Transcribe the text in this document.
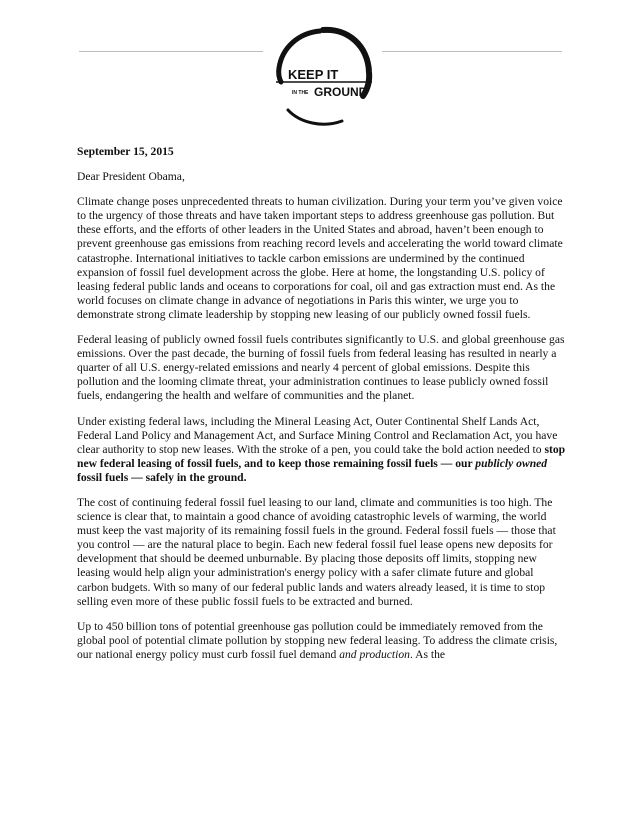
KEEP IT
IN THE GROUND

September 15, 2015

Dear President Obama,

Climate change poses unprecedented threats to human civilization. During your term you’ve given voice to the urgency of those threats and have taken important steps to address greenhouse gas pollution. But these efforts, and the efforts of other leaders in the United States and abroad, haven’t been enough to prevent greenhouse gas emissions from reaching record levels and accelerating the world toward climate catastrophe. International initiatives to tackle carbon emissions are undermined by the continued expansion of fossil fuel development across the globe. Here at home, the longstanding U.S. policy of leasing federal public lands and oceans to corporations for coal, oil and gas extraction must end. As the world focuses on climate change in advance of negotiations in Paris this winter, we urge you to demonstrate strong climate leadership by stopping new leasing of our publicly owned fossil fuels.

Federal leasing of publicly owned fossil fuels contributes significantly to U.S. and global greenhouse gas emissions. Over the past decade, the burning of fossil fuels from federal leasing has resulted in nearly a quarter of all U.S. energy-related emissions and nearly 4 percent of global emissions. Despite this pollution and the looming climate threat, your administration continues to lease publicly owned fossil fuels, endangering the health and welfare of communities and the planet.

Under existing federal laws, including the Mineral Leasing Act, Outer Continental Shelf Lands Act, Federal Land Policy and Management Act, and Surface Mining Control and Reclamation Act, you have clear authority to stop new leases. With the stroke of a pen, you could take the bold action needed to stop new federal leasing of fossil fuels, and to keep those remaining fossil fuels — our publicly owned fossil fuels — safely in the ground.

The cost of continuing federal fossil fuel leasing to our land, climate and communities is too high. The science is clear that, to maintain a good chance of avoiding catastrophic levels of warming, the world must keep the vast majority of its remaining fossil fuels in the ground. Federal fossil fuels — those that you control — are the natural place to begin. Each new federal fossil fuel lease opens new deposits for development that should be deemed unburnable. By placing those deposits off limits, stopping new leasing would help align your administration's energy policy with a safer climate future and global carbon budgets. With so many of our federal public lands and waters already leased, it is time to stop selling even more of these public fossil fuels to be extracted and burned.

Up to 450 billion tons of potential greenhouse gas pollution could be immediately removed from the global pool of potential climate pollution by stopping new federal leasing. To address the climate crisis, our national energy policy must curb fossil fuel demand and production. As the
